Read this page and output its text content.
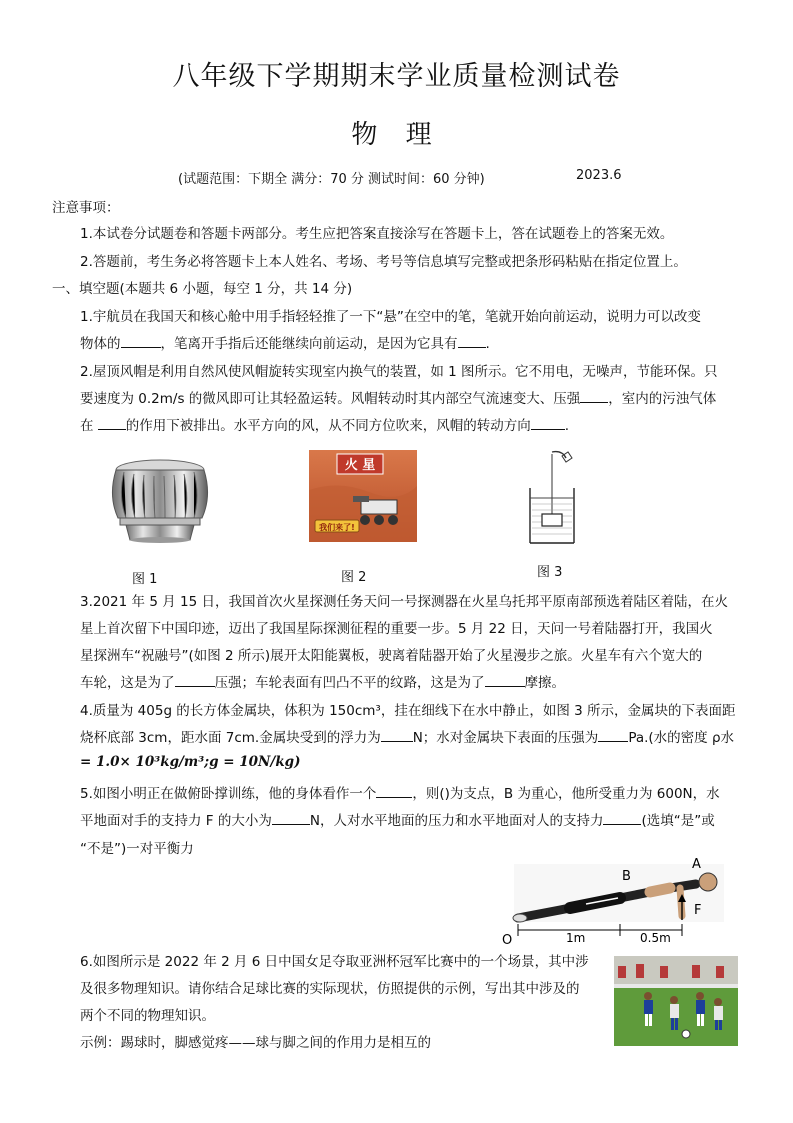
八年级下学期期末学业质量检测试卷
物 理
(试题范围：下期全 满分：70 分 测试时间：60 分钟)	2023.6
注意事项：
1.本试卷分试题卷和答题卡两部分。考生应把答案直接涂写在答题卡上，答在试题卷上的答案无效。
2.答题前，考生务必将答题卡上本人姓名、考场、考号等信息填写完整或把条形码粘贴在指定位置上。
一、填空题(本题共 6 小题，每空 1 分，共 14 分)
1.宇航员在我国天和核心舱中用手指轻轻推了一下“悬”在空中的笔，笔就开始向前运动，说明力可以改变
物体的	，笔离开手指后还能继续向前运动，是因为它具有 .
2.屋顶风帽是利用自然风使风帽旋转实现室内换气的装置，如 1 图所示。它不用电，无噪声，节能环保。只
要速度为 0.2m/s 的微风即可让其轻盈运转。风帽转动时其内部空气流速变大、压强 ，室内的污浊气体
在 的作用下被排出。水平方向的风，从不同方位吹来，风帽的转动方向	.
图 1
火 星
我们来了!
图 2	图 3
3.2021 年 5 月 15 日，我国首次火星探测任务天问一号探测器在火星乌托邦平原南部预选着陆区着陆，在火
星上首次留下中国印迹，迈出了我国星际探测征程的重要一步。5 月 22 日，天问一号着陆器打开，我国火
星探洲车“祝融号”(如图 2 所示)展开太阳能翼板，驶离着陆器开始了火星漫步之旅。火星车有六个宽大的
车轮，这是为了	压强；车轮表面有凹凸不平的纹路，这是为了	摩擦。
4.质量为 405g 的长方体金属块，体积为 150cm³，挂在细线下在水中静止，如图 3 所示，金属块的下表面距
烧杯底部 3cm，距水面 7cm.金属块受到的浮力为 N；水对金属块下表面的压强为 Pa.(水的密度 ρ水
= 1.0× 10³kg/m³;g = 10N/kg)
5.如图小明正在做俯卧撑训练，他的身体看作一个	，则()为支点，B 为重心，他所受重力为 600N，水
平地面对手的支持力 F 的大小为	N，人对水平地面的压力和水平地面对人的支持力	(选填“是”或
“不是”)一对平衡力
A
B
F
O	1m	0.5m
6.如图所示是 2022 年 2 月 6 日中国女足夺取亚洲杯冠军比赛中的一个场景，其中涉
及很多物理知识。请你结合足球比赛的实际现状，仿照提供的示例，写出其中涉及的
两个不同的物理知识。
示例：踢球时，脚感觉疼——球与脚之间的作用力是相互的
